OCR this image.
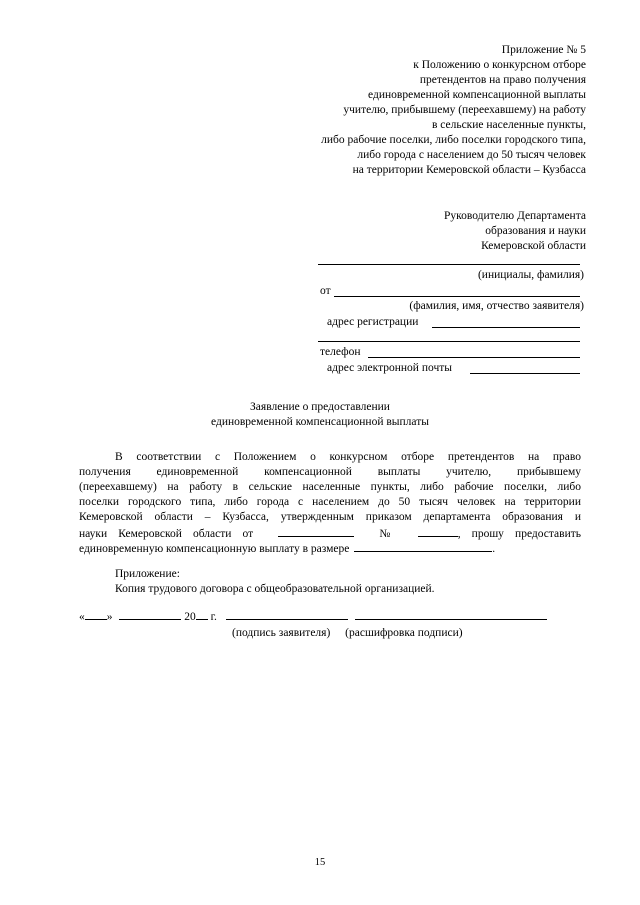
Приложение № 5
к Положению о конкурсном отборе
претендентов на право получения
единовременной компенсационной выплаты
учителю, прибывшему (переехавшему) на работу
в сельские населенные пункты,
либо рабочие поселки, либо поселки городского типа,
либо города с населением до 50 тысяч человек
на территории Кемеровской области – Кузбасса
Руководителю Департамента
образования и науки
Кемеровской области
(инициалы, фамилия)
от
(фамилия, имя, отчество заявителя)
адрес регистрации
телефон
адрес электронной почты
Заявление о предоставлении
единовременной компенсационной выплаты
В соответствии с Положением о конкурсном отборе претендентов на право
получения единовременной компенсационной выплаты учителю, прибывшему
(переехавшему) на работу в сельские населенные пункты, либо рабочие поселки, либо
поселки городского типа, либо города с населением до 50 тысяч человек на территории
Кемеровской области – Кузбасса, утвержденным приказом департамента образования и
науки Кемеровской области от	№	, прошу предоставить
единовременную компенсационную выплату в размере	.
Приложение:
Копия трудового договора с общеобразовательной организацией.
« »	20 г.
(подпись заявителя) (расшифровка подписи)
15
